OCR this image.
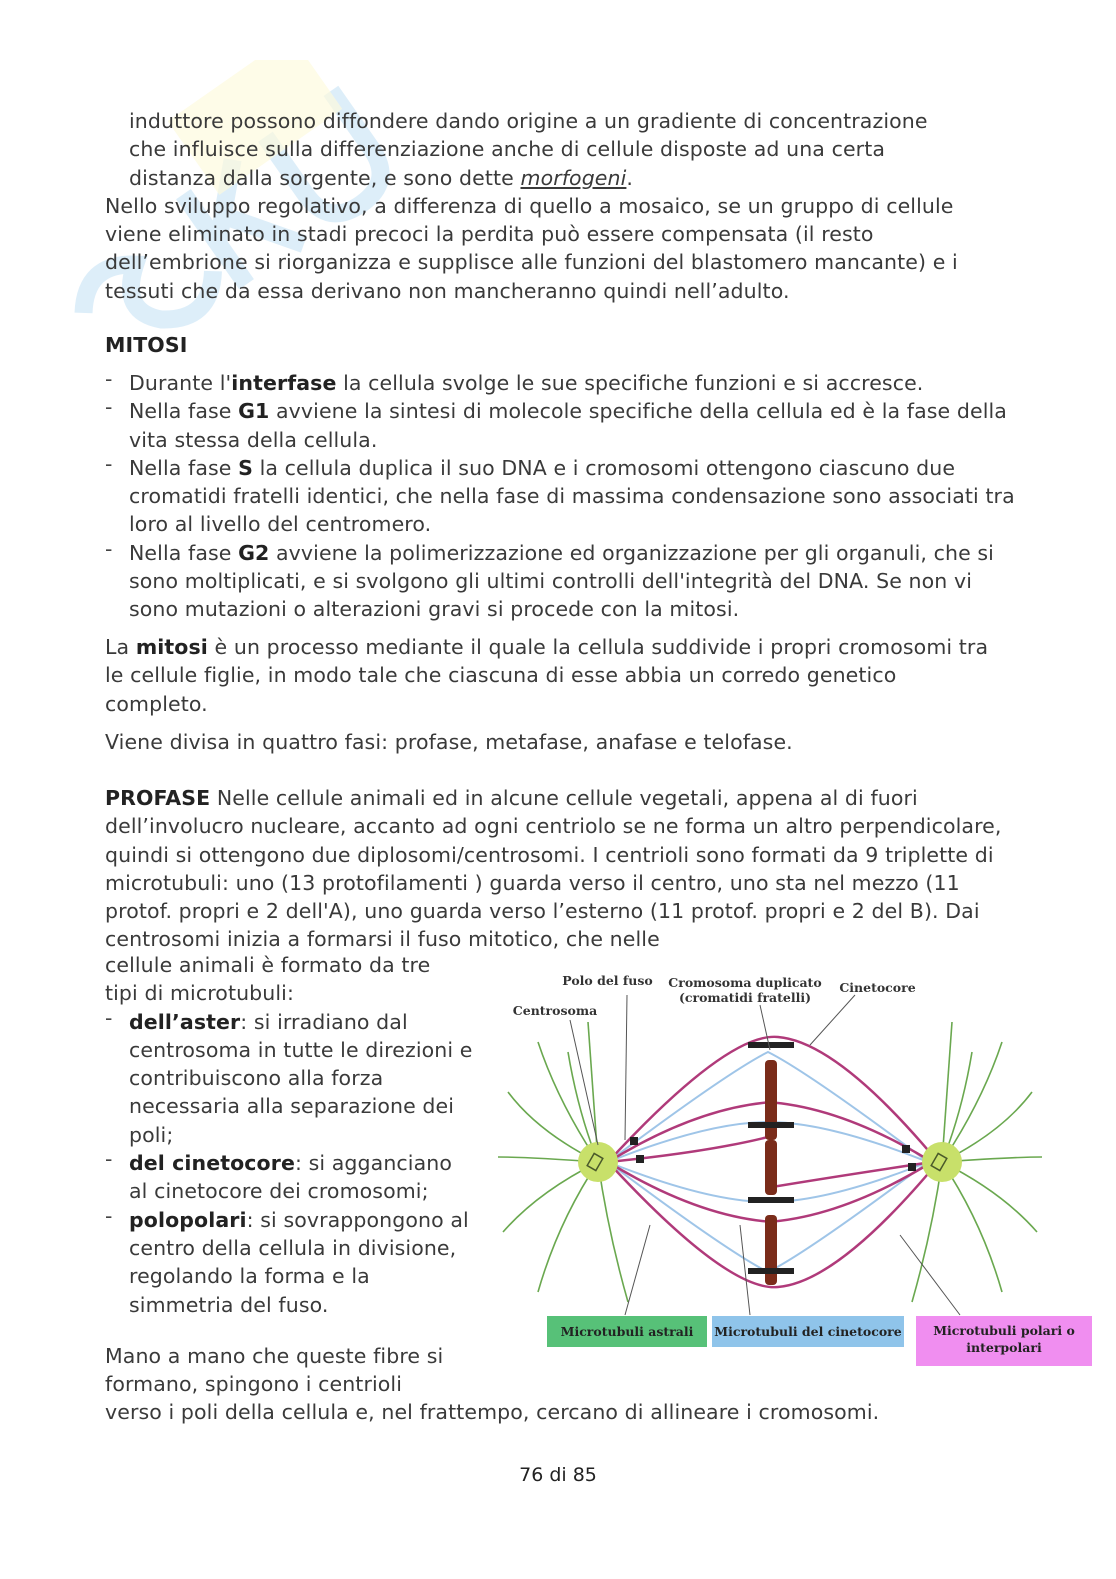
induttore possono diffondere dando origine a un gradiente di concentrazione

che influisce sulla differenziazione anche di cellule disposte ad una certa

distanza dalla sorgente, e sono dette morfogeni.

Nello sviluppo regolativo, a differenza di quello a mosaico, se un gruppo di cellule viene eliminato in stadi precoci la perdita può essere compensata (il resto dell’embrione si riorganizza e supplisce alle funzioni del blastomero mancante) e i tessuti che da essa derivano non mancheranno quindi nell’adulto.

MITOSI
- Durante l'interfase la cellula svolge le sue specifiche funzioni e si accresce.
- Nella fase G1 avviene la sintesi di molecole specifiche della cellula ed è la fase della vita stessa della cellula.
- Nella fase S la cellula duplica il suo DNA e i cromosomi ottengono ciascuno due cromatidi fratelli identici, che nella fase di massima condensazione sono associati tra loro al livello del centromero.
- Nella fase G2 avviene la polimerizzazione ed organizzazione per gli organuli, che si sono moltiplicati, e si svolgono gli ultimi controlli dell'integrità del DNA. Se non vi sono mutazioni o alterazioni gravi si procede con la mitosi.

La mitosi è un processo mediante il quale la cellula suddivide i propri cromosomi tra le cellule figlie, in modo tale che ciascuna di esse abbia un corredo genetico completo.

Viene divisa in quattro fasi: profase, metafase, anafase e telofase.

PROFASE Nelle cellule animali ed in alcune cellule vegetali, appena al di fuori dell’involucro nucleare, accanto ad ogni centriolo se ne forma un altro perpendicolare, quindi si ottengono due diplosomi/centrosomi. I centrioli sono formati da 9 triplette di microtubuli: uno (13 protofilamenti ) guarda verso il centro, uno sta nel mezzo (11 protof. propri e 2 dell'A), uno guarda verso l’esterno (11 protof. propri e 2 del B). Dai centrosomi inizia a formarsi il fuso mitotico, che nelle

cellule animali è formato da tre tipi di microtubuli:

- dell’aster: si irradiano dal centrosoma in tutte le direzioni e contribuiscono alla forza necessaria alla separazione dei poli;
- del cinetocore: si agganciano al cinetocore dei cromosomi;
- polopolari: si sovrappongono al centro della cellula in divisione, regolando la forma e la simmetria del fuso.
Mano a mano che queste fibre si formano, spingono i centrioli
verso i poli della cellula e, nel frattempo, cercano di allineare i cromosomi.
Polo del fuso Cromosoma duplicato
(cromatidi fratelli)
Cinetocore
Centrosoma
Microtubuli astrali	Microtubuli del cinetocore	Microtubuli polari o
interpolari
76 di 85
